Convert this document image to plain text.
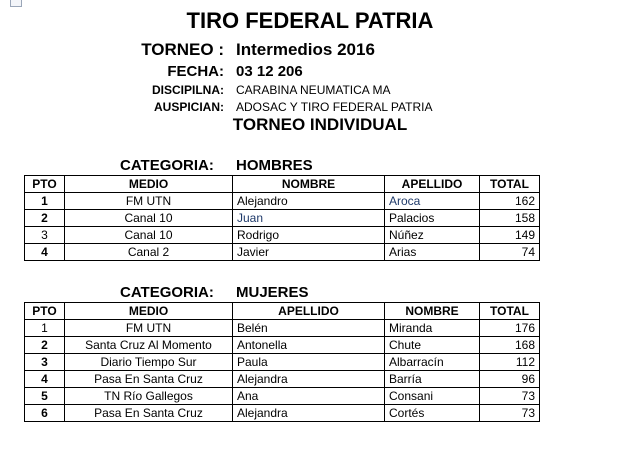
TIRO FEDERAL PATRIA
TORNEO : Intermedios 2016
FECHA: 03 12 206
DISCIPILNA: CARABINA NEUMATICA MA
AUSPICIAN: ADOSAC Y TIRO FEDERAL PATRIA
TORNEO INDIVIDUAL
CATEGORIA: HOMBRES
PTO	MEDIO	NOMBRE	APELLIDO	TOTAL
1	FM UTN	Alejandro	Aroca	162
2	Canal 10	Juan	Palacios	158
3	Canal 10	Rodrigo	Núñez	149
4	Canal 2	Javier	Arias	74
CATEGORIA: MUJERES
PTO	MEDIO	APELLIDO	NOMBRE	TOTAL
1	FM UTN	Belén	Miranda	176
2	Santa Cruz Al Momento	Antonella	Chute	168
3	Diario Tiempo Sur	Paula	Albarracín	112
4	Pasa En Santa Cruz	Alejandra	Barría	96
5	TN Río Gallegos	Ana	Consani	73
6	Pasa En Santa Cruz	Alejandra	Cortés	73
